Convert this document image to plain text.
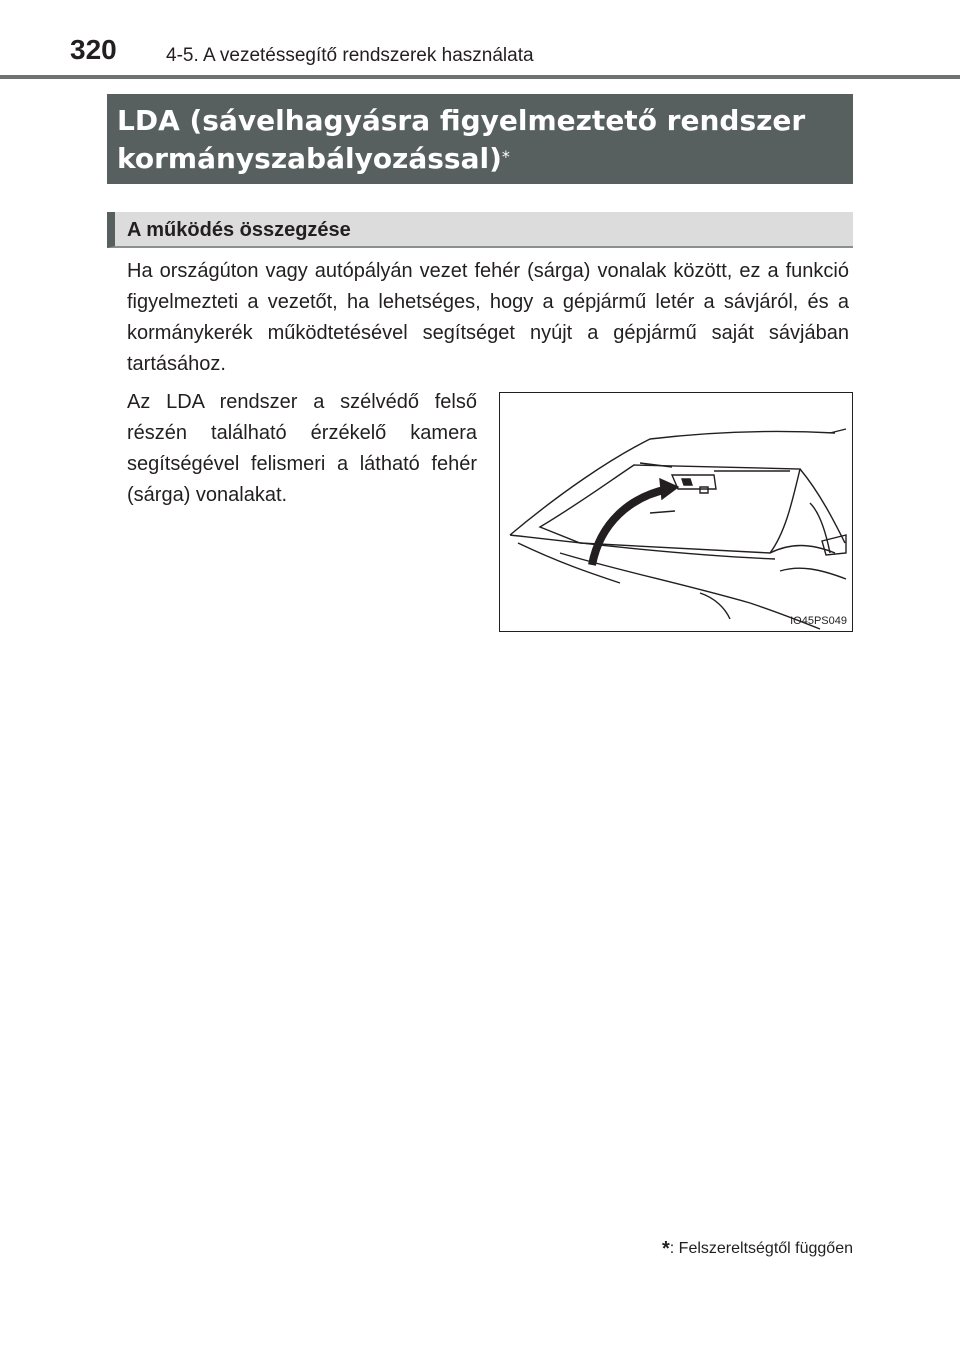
320	4-5. A vezetéssegítő rendszerek használata
LDA (sávelhagyásra figyelmeztető rendszer
kormányszabályozással)*
A működés összegzése

Ha országúton vagy autópályán vezet fehér (sárga) vonalak között, ez a funkció figyelmezteti a vezetőt, ha lehetséges, hogy a gépjármű letér a sávjáról, és a kormánykerék működtetésével segítséget nyújt a gépjármű saját sávjában tartásához.

Az LDA rendszer a szélvédő felső részén található érzékelő kamera segítségével felismeri a látható fehér (sárga) vonalakat.

IO45PS049
*: Felszereltségtől függően
